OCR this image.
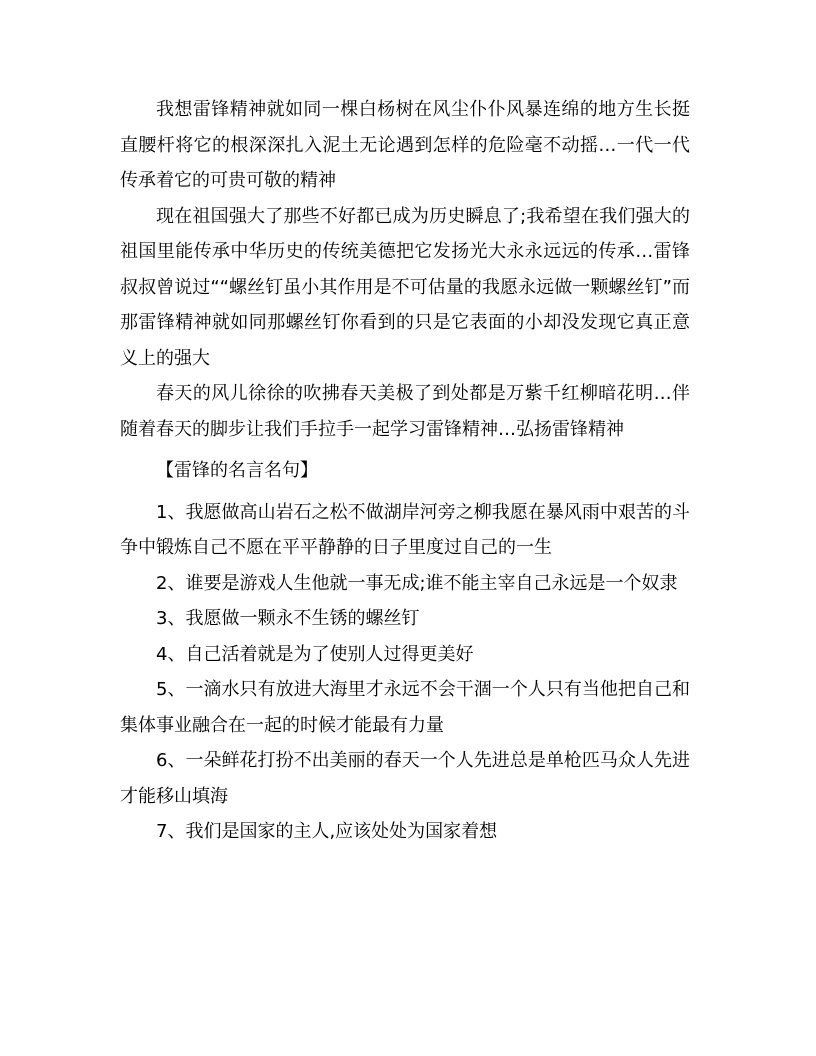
我想雷锋精神就如同一棵白杨树在风尘仆仆风暴连绵的地方生长挺直腰杆将它的根深深扎入泥土无论遇到怎样的危险毫不动摇…一代一代传承着它的可贵可敬的精神

现在祖国强大了那些不好都已成为历史瞬息了;我希望在我们强大的祖国里能传承中华历史的传统美德把它发扬光大永永远远的传承…雷锋叔叔曾说过““螺丝钉虽小其作用是不可估量的我愿永远做一颗螺丝钉”而那雷锋精神就如同那螺丝钉你看到的只是它表面的小却没发现它真正意义上的强大

春天的风儿徐徐的吹拂春天美极了到处都是万紫千红柳暗花明…伴随着春天的脚步让我们手拉手一起学习雷锋精神…弘扬雷锋精神

【雷锋的名言名句】

1、我愿做高山岩石之松不做湖岸河旁之柳我愿在暴风雨中艰苦的斗争中锻炼自己不愿在平平静静的日子里度过自己的一生

2、谁要是游戏人生他就一事无成;谁不能主宰自己永远是一个奴隶

3、我愿做一颗永不生锈的螺丝钉

4、自己活着就是为了使别人过得更美好

5、一滴水只有放进大海里才永远不会干涸一个人只有当他把自己和集体事业融合在一起的时候才能最有力量

6、一朵鲜花打扮不出美丽的春天一个人先进总是单枪匹马众人先进才能移山填海

7、我们是国家的主人,应该处处为国家着想
